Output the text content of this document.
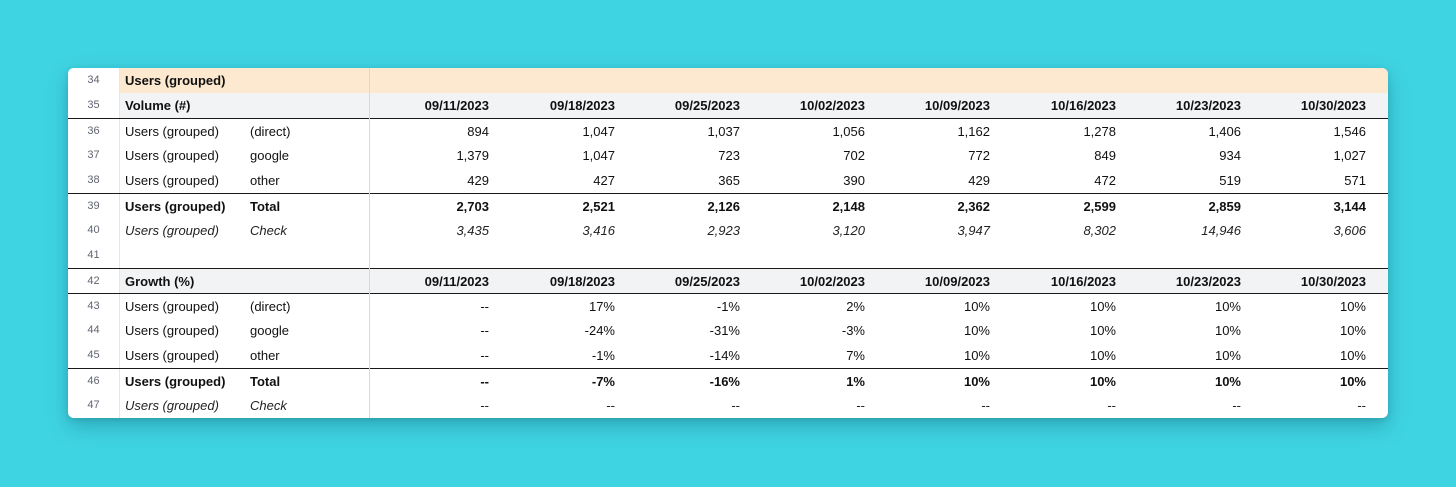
34	Users (grouped)
35	Volume (#)	09/11/2023	09/18/2023	09/25/2023	10/02/2023	10/09/2023	10/16/2023	10/23/2023	10/30/2023
36	Users (grouped) (direct)	894	1,047	1,037	1,056	1,162	1,278	1,406	1,546
37	Users (grouped) google	1,379	1,047	723	702	772	849	934	1,027
38	Users (grouped) other	429	427	365	390	429	472	519	571
39	Users (grouped) Total	2,703	2,521	2,126	2,148	2,362	2,599	2,859	3,144
40	Users (grouped) Check	3,435	3,416	2,923	3,120	3,947	8,302	14,946	3,606
41
42	Growth (%)	09/11/2023	09/18/2023	09/25/2023	10/02/2023	10/09/2023	10/16/2023	10/23/2023	10/30/2023
43	Users (grouped) (direct)	--	17%	-1%	2%	10%	10%	10%	10%
44	Users (grouped) google	--	-24%	-31%	-3%	10%	10%	10%	10%
45	Users (grouped) other	--	-1%	-14%	7%	10%	10%	10%	10%
46	Users (grouped) Total	--	-7%	-16%	1%	10%	10%	10%	10%
47	Users (grouped) Check	--	--	--	--	--	--	--	--
